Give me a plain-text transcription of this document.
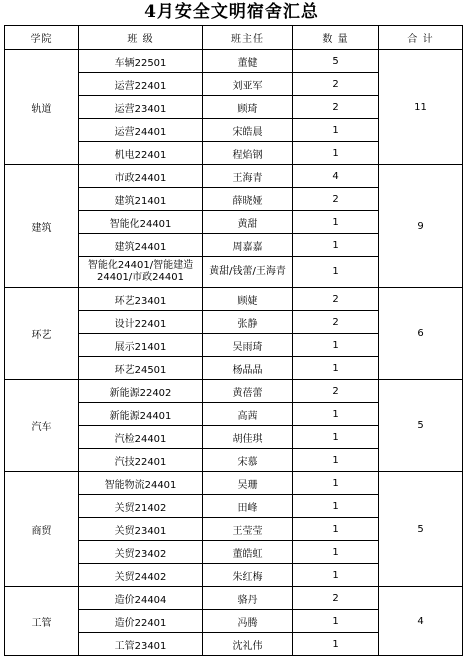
4月安全文明宿舍汇总
学院	班 级	班主任	数 量	合 计
轨道	车辆22501	董健	5	11
	运营22401	刘亚军	2	
	运营23401	顾琦	2	
	运营24401	宋皓晨	1	
	机电22401	程焰钢	1	
建筑	市政24401	王海青	4	9
	建筑21401	薛晓娅	2	
	智能化24401	黄甜	1	
	建筑24401	周嘉嘉	1	
	智能化24401/智能建造24401/市政24401	黄甜/钱蕾/王海青	1	
环艺	环艺23401	顾婕	2	6
	设计22401	张静	2	
	展示21401	吴雨琦	1	
	环艺24501	杨晶晶	1	
汽车	新能源22402	黄蓓蕾	2	5
	新能源24401	高茜	1	
	汽检24401	胡佳琪	1	
	汽技22401	宋慕	1	
商贸	智能物流24401	吴珊	1	5
	关贸21402	田峰	1	
	关贸23401	王莹莹	1	
	关贸23402	董皓虹	1	
	关贸24402	朱红梅	1	
工管	造价24404	骆丹	2	4
	造价22401	冯腾	1	
	工管23401	沈礼伟	1	
